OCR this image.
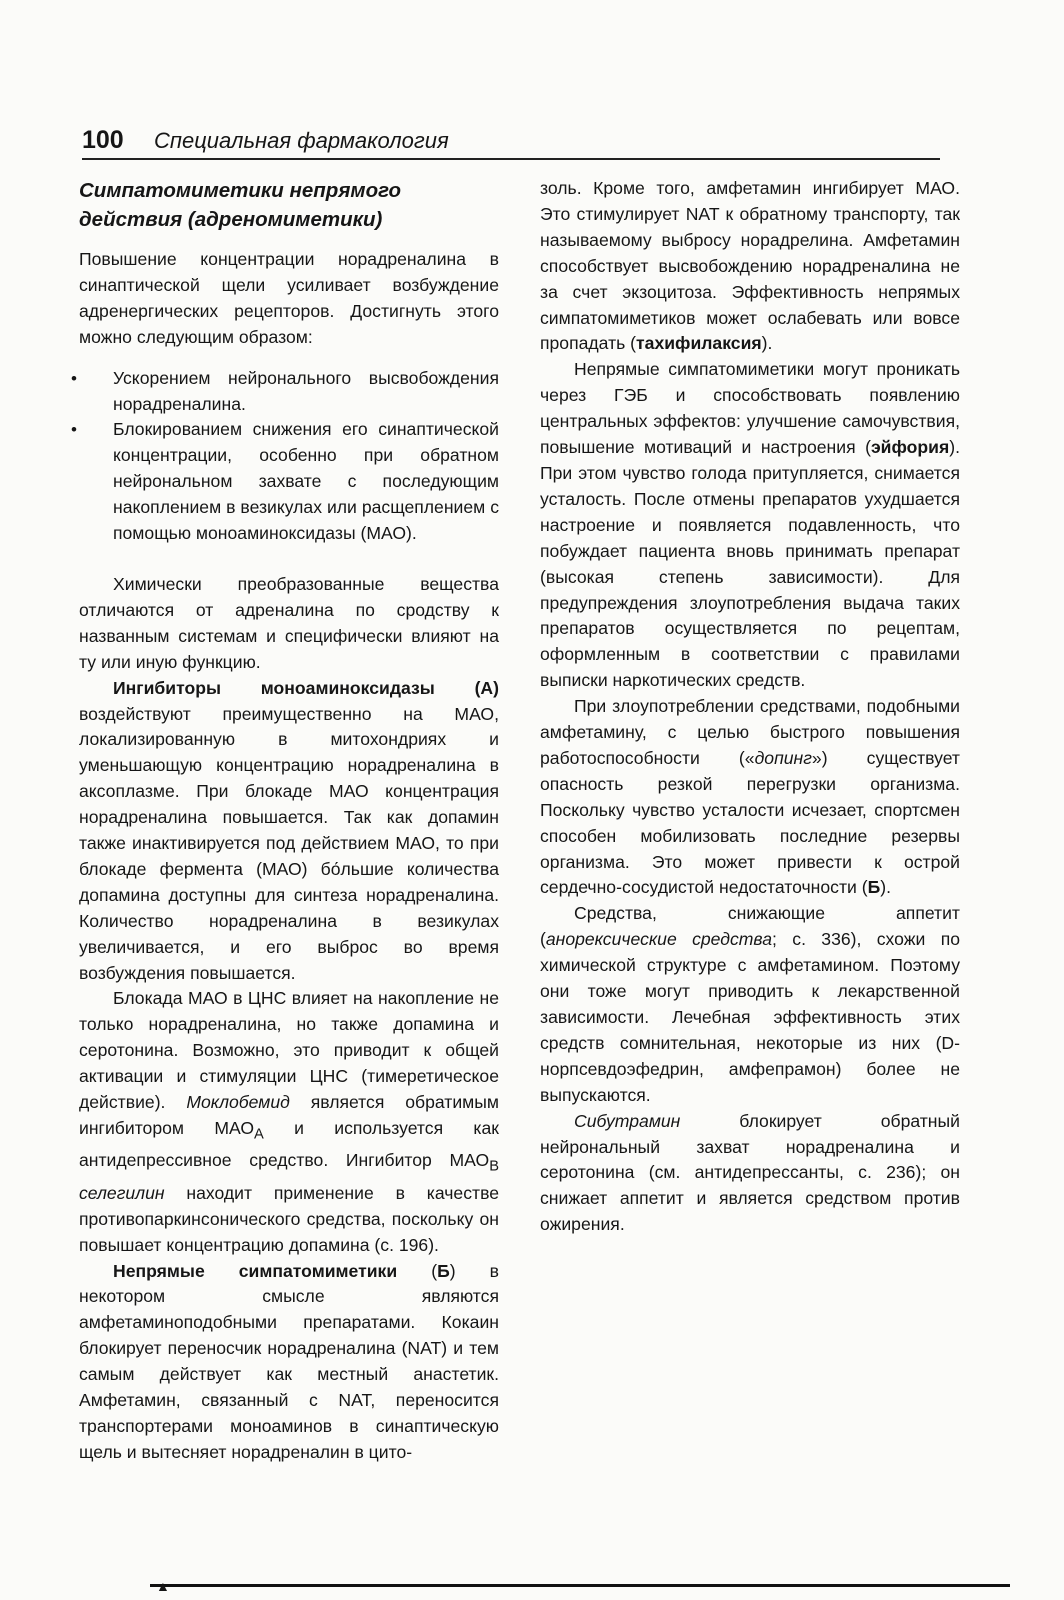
100 Специальная фармакология
Симпатомиметики непрямого
действия (адреномиметики)

Повышение концентрации норадреналина в синаптической щели усиливает возбуждение адренергических рецепторов. Достигнуть этого можно следующим образом:

• Ускорением нейронального высвобождения норадреналина.
• Блокированием снижения его синаптической концентрации, особенно при обратном нейрональном захвате с последующим накоплением в везикулах или расщеплением с помощью моноаминоксидазы (МАО).

Химически преобразованные вещества отличаются от адреналина по сродству к названным системам и специфически влияют на ту или иную функцию.

Ингибиторы моноаминоксидазы (А) воздействуют преимущественно на МАО, локализированную в митохондриях и уменьшающую концентрацию норадреналина в аксоплазме. При блокаде МАО концентрация норадреналина повышается. Так как допамин также инактивируется под действием МАО, то при блокаде фермента (МАО) бо́льшие количества допамина доступны для синтеза норадреналина. Количество норадреналина в везикулах увеличивается, и его выброс во время возбуждения повышается.

Блокада МАО в ЦНС влияет на накопление не только норадреналина, но также допамина и серотонина. Возможно, это приводит к общей активации и стимуляции ЦНС (тимеретическое действие). Моклобемид является обратимым ингибитором $МАО_А$ и используется как антидепрессивное средство. Ингибитор $МАО_В$ селегилин находит применение в качестве противопаркинсонического средства, поскольку он повышает концентрацию допамина (с. 196).

Непрямые симпатомиметики (Б) в некотором смысле являются амфетаминоподобными препаратами. Кокаин блокирует переносчик норадреналина (NAT) и тем самым действует как местный анастетик. Амфетамин, связанный с NAT, переносится транспортерами моноаминов в синаптическую щель и вытесняет норадреналин в цито-

золь. Кроме того, амфетамин ингибирует МАО. Это стимулирует NAT к обратному транспорту, так называемому выбросу норадрелина. Амфетамин способствует высвобождению норадреналина не за счет экзоцитоза. Эффективность непрямых симпатомиметиков может ослабевать или вовсе пропадать (тахифилаксия).

Непрямые симпатомиметики могут проникать через ГЭБ и способствовать появлению центральных эффектов: улучшение самочувствия, повышение мотиваций и настроения (эйфория). При этом чувство голода притупляется, снимается усталость. После отмены препаратов ухудшается настроение и появляется подавленность, что побуждает пациента вновь принимать препарат (высокая степень зависимости). Для предупреждения злоупотребления выдача таких препаратов осуществляется по рецептам, оформленным в соответствии с правилами выписки наркотических средств.

При злоупотреблении средствами, подобными амфетамину, с целью быстрого повышения работоспособности («допинг») существует опасность резкой перегрузки организма. Поскольку чувство усталости исчезает, спортсмен способен мобилизовать последние резервы организма. Это может привести к острой сердечно-сосудистой недостаточности (Б).

Средства, снижающие аппетит (анорексические средства; с. 336), схожи по химической структуре с амфетамином. Поэтому они тоже могут приводить к лекарственной зависимости. Лечебная эффективность этих средств сомнительная, некоторые из них (D-норпсевдоэфедрин, амфепрамон) более не выпускаются.

Сибутрамин	блокирует обратный нейрональный захват норадреналина и серотонина (см. антидепрессанты, с. 236); он снижает аппетит и является средством против ожирения.

▲
